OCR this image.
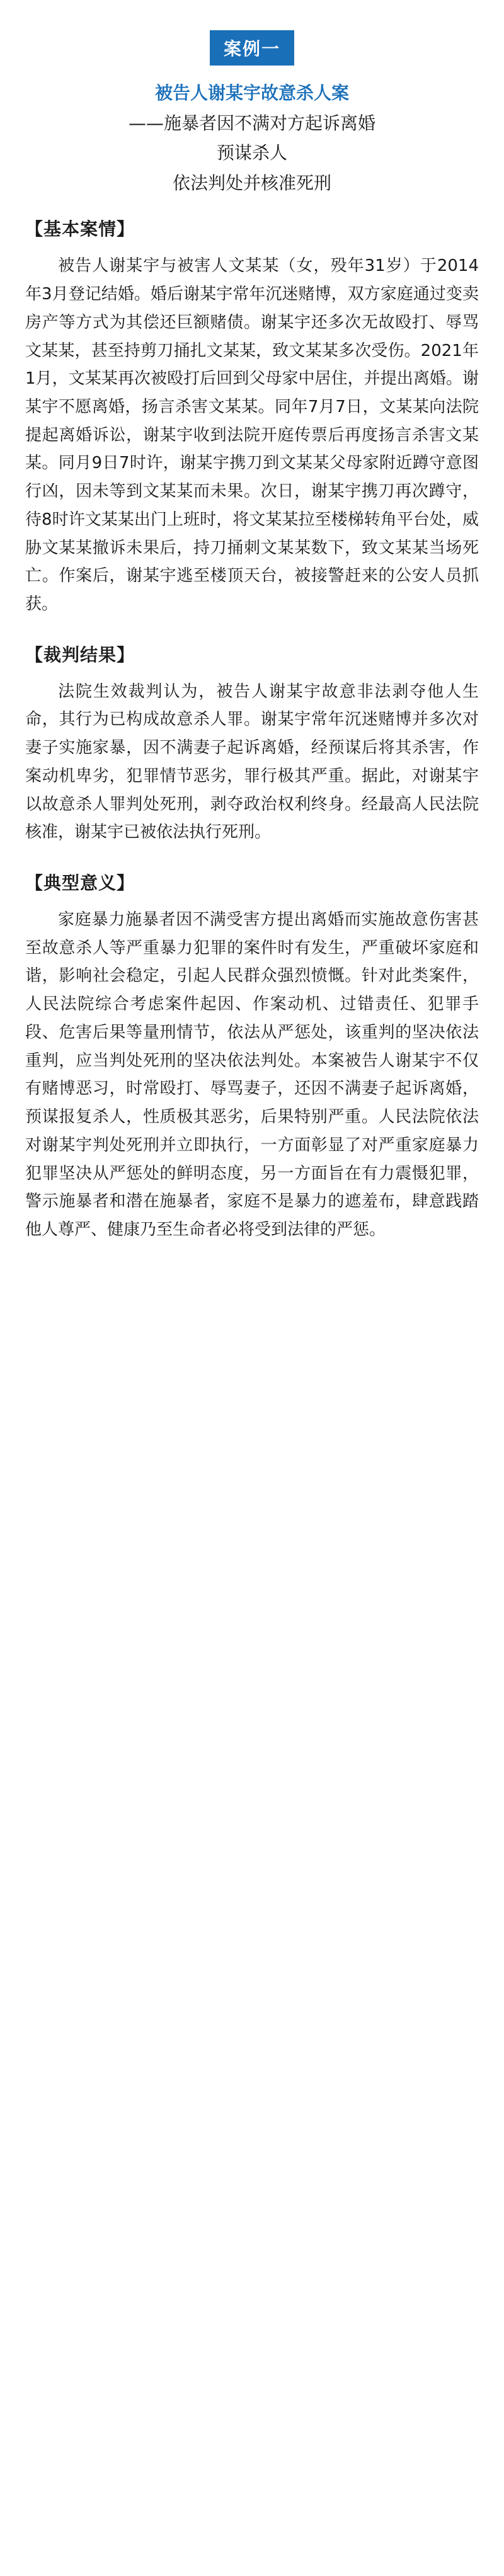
案例一
被告人谢某宇故意杀人案
——施暴者因不满对方起诉离婚
预谋杀人
依法判处并核准死刑
【基本案情】

被告人谢某宇与被害人文某某（女，殁年31岁）于2014年3月登记结婚。婚后谢某宇常年沉迷赌博，双方家庭通过变卖房产等方式为其偿还巨额赌债。谢某宇还多次无故殴打、辱骂文某某，甚至持剪刀捅扎文某某，致文某某多次受伤。2021年1月，文某某再次被殴打后回到父母家中居住，并提出离婚。谢某宇不愿离婚，扬言杀害文某某。同年7月7日，文某某向法院提起离婚诉讼，谢某宇收到法院开庭传票后再度扬言杀害文某某。同月9日7时许，谢某宇携刀到文某某父母家附近蹲守意图行凶，因未等到文某某而未果。次日，谢某宇携刀再次蹲守，待8时许文某某出门上班时，将文某某拉至楼梯转角平台处，威胁文某某撤诉未果后，持刀捅刺文某某数下，致文某某当场死亡。作案后，谢某宇逃至楼顶天台，被接警赶来的公安人员抓获。

【裁判结果】

法院生效裁判认为，被告人谢某宇故意非法剥夺他人生命，其行为已构成故意杀人罪。谢某宇常年沉迷赌博并多次对妻子实施家暴，因不满妻子起诉离婚，经预谋后将其杀害，作案动机卑劣，犯罪情节恶劣，罪行极其严重。据此，对谢某宇以故意杀人罪判处死刑，剥夺政治权利终身。经最高人民法院核准，谢某宇已被依法执行死刑。

【典型意义】

家庭暴力施暴者因不满受害方提出离婚而实施故意伤害甚至故意杀人等严重暴力犯罪的案件时有发生，严重破坏家庭和谐，影响社会稳定，引起人民群众强烈愤慨。针对此类案件，人民法院综合考虑案件起因、作案动机、过错责任、犯罪手段、危害后果等量刑情节，依法从严惩处，该重判的坚决依法重判，应当判处死刑的坚决依法判处。本案被告人谢某宇不仅有赌博恶习，时常殴打、辱骂妻子，还因不满妻子起诉离婚，预谋报复杀人，性质极其恶劣，后果特别严重。人民法院依法对谢某宇判处死刑并立即执行，一方面彰显了对严重家庭暴力犯罪坚决从严惩处的鲜明态度，另一方面旨在有力震慑犯罪，警示施暴者和潜在施暴者，家庭不是暴力的遮羞布，肆意践踏他人尊严、健康乃至生命者必将受到法律的严惩。
